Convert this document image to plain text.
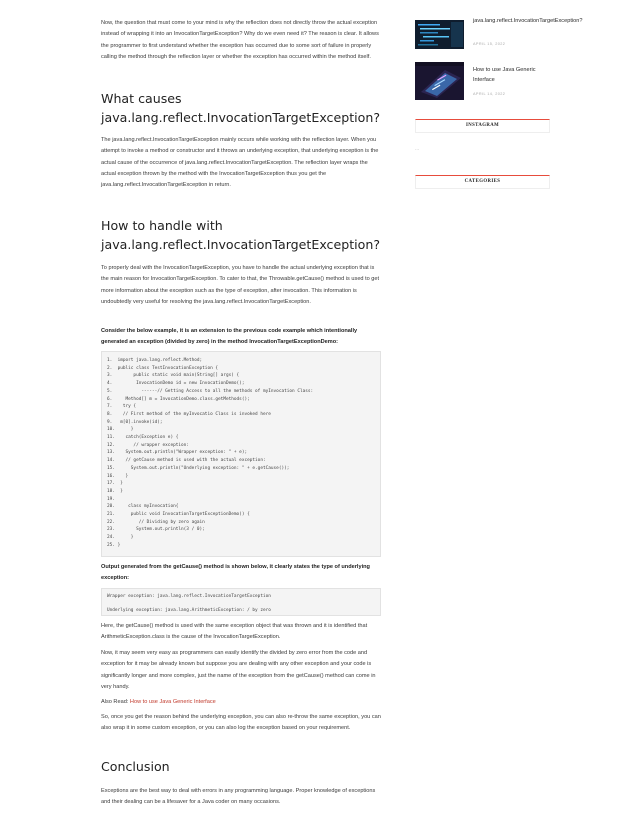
Now, the question that must come to your mind is why the reflection does not directly throw the actual exception instead of wrapping it into an InvocationTargetException? Why do we even need it? The reason is clear. It allows the programmer to first understand whether the exception has occurred due to some sort of failure in properly calling the method through the reflection layer or whether the exception has occurred within the method itself.

What causes java.lang.reflect.InvocationTargetException?

The java.lang.reflect.InvocationTargetException mainly occurs while working with the reflection layer. When you attempt to invoke a method or constructor and it throws an underlying exception, that underlying exception is the actual cause of the occurrence of java.lang.reflect.InvocationTargetException. The reflection layer wraps the actual exception thrown by the method with the InvocationTargetException thus you get the java.lang.reflect.InvocationTargetException in return.

How to handle with java.lang.reflect.InvocationTargetException?

To properly deal with the InvocationTargetException, you have to handle the actual underlying exception that is the main reason for InvocationTargetException. To cater to that, the Throwable.getCause() method is used to get more information about the exception such as the type of exception, after invocation. This information is undoubtedly very useful for resolving the java.lang.reflect.InvocationTargetException.

Consider the below example, it is an extension to the previous code example which intentionally generated an exception (divided by zero) in the method InvocationTargetExceptionDemo:

1.  import java.lang.reflect.Method;
2.  public class TestInvocationException {
3.        public static void main(String[] args) {
4.         InvocationDemo id = new InvocationDemo();
5.           ------// Getting Access to all the methods of myInvocation Class:
6.     Method[] m = InvocationDemo.class.getMethods();
7.    try {
8.    // First method of the myInvocatio Class is invoked here
9.   m[0].invoke(id);
10.      }
11.    catch(Exception e) {
12.       // wrapper exception:
13.    System.out.println("Wrapper exception: " + e);
14.    // getCause method is used with the actual exception:
15.      System.out.println("Underlying exception: " + e.getCause());
16.    }
17.  }
18.  }
19.
20.     class myInvocation{
21.      public void InvocationTargetExceptionDemo() {
22.         // Dividing by zero again
23.        System.out.println(3 / 0);
24.      }
25. }

Output generated from the getCause() method is shown below, it clearly states the type of underlying exception:

Wrapper exception: java.lang.reflect.InvocationTargetException

Underlying exception: java.lang.ArithmeticException: / by zero

Here, the getCause() method is used with the same exception object that was thrown and it is identified that ArithmeticException.class is the cause of the InvocationTargetException.

Now, it may seem very easy as programmers can easily identify the divided by zero error from the code and exception for it may be already known but suppose you are dealing with any other exception and your code is significantly longer and more complex, just the name of the exception from the getCause() method can come in very handy.

Also Read: How to use Java Generic Interface

So, once you get the reason behind the underlying exception, you can also re-throw the same exception, you can also wrap it in some custom exception, or you can also log the exception based on your requirement.

Conclusion

Exceptions are the best way to deal with errors in any programming language. Proper knowledge of exceptions and their dealing can be a lifesaver for a Java coder on many occasions.

java.lang.reflect.InvocationTargetException?
APRIL 15, 2022
How to use Java Generic Interface
APRIL 14, 2022
INSTAGRAM
...
CATEGORIES
